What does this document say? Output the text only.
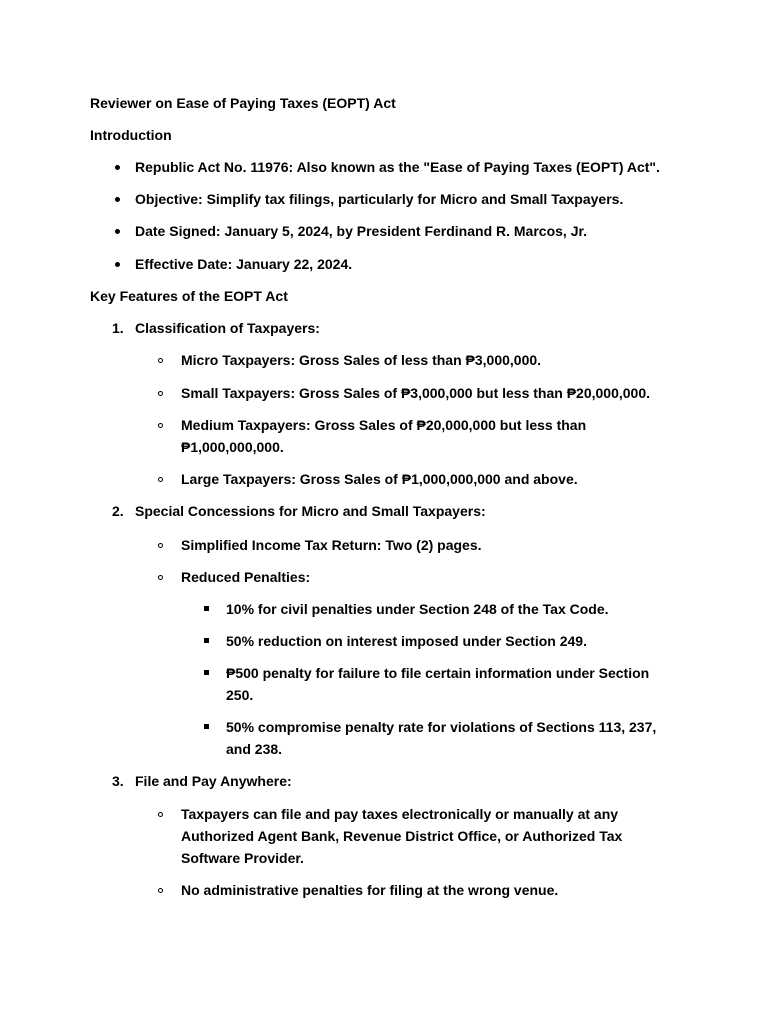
Reviewer on Ease of Paying Taxes (EOPT) Act
Introduction
Republic Act No. 11976: Also known as the "Ease of Paying Taxes (EOPT) Act".
Objective: Simplify tax filings, particularly for Micro and Small Taxpayers.
Date Signed: January 5, 2024, by President Ferdinand R. Marcos, Jr.
Effective Date: January 22, 2024.
Key Features of the EOPT Act
1. Classification of Taxpayers:
Micro Taxpayers: Gross Sales of less than ₱3,000,000.
Small Taxpayers: Gross Sales of ₱3,000,000 but less than ₱20,000,000.
Medium Taxpayers: Gross Sales of ₱20,000,000 but less than
₱1,000,000,000.
Large Taxpayers: Gross Sales of ₱1,000,000,000 and above.
2. Special Concessions for Micro and Small Taxpayers:
Simplified Income Tax Return: Two (2) pages.
Reduced Penalties:
10% for civil penalties under Section 248 of the Tax Code.
50% reduction on interest imposed under Section 249.
₱500 penalty for failure to file certain information under Section
250.
50% compromise penalty rate for violations of Sections 113, 237,
and 238.
3. File and Pay Anywhere:
Taxpayers can file and pay taxes electronically or manually at any
Authorized Agent Bank, Revenue District Office, or Authorized Tax
Software Provider.
No administrative penalties for filing at the wrong venue.
